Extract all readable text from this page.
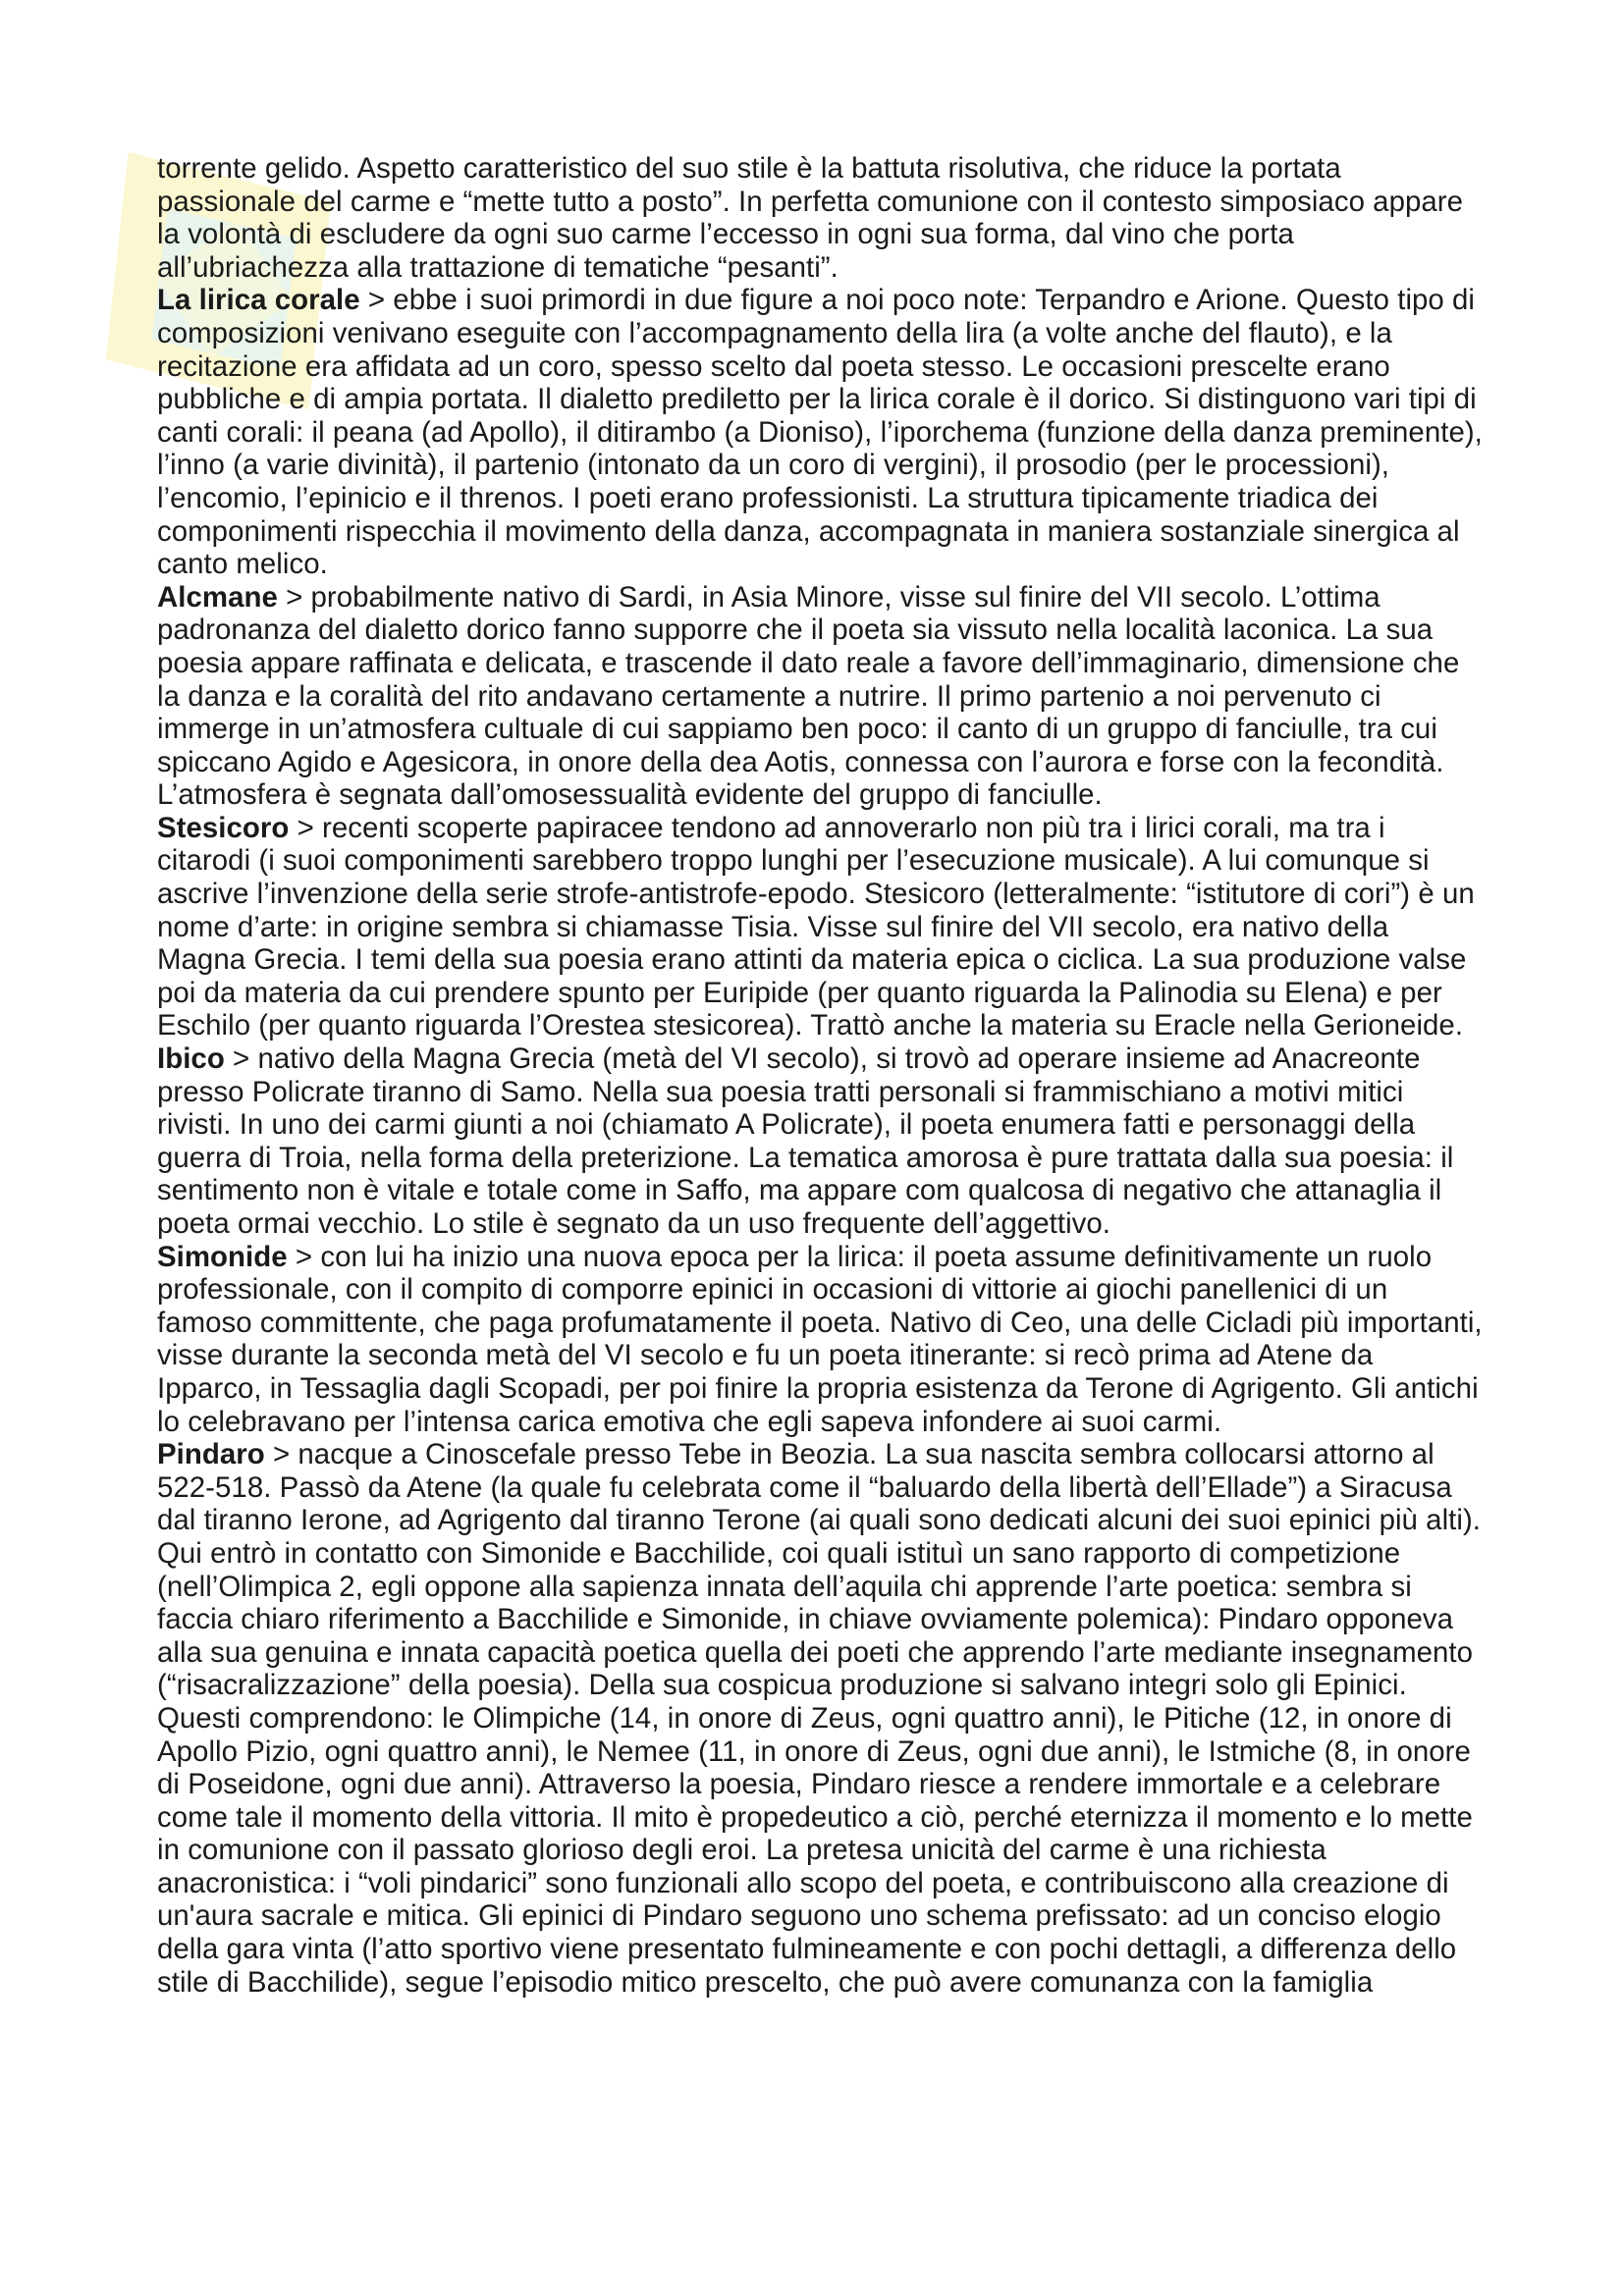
torrente gelido. Aspetto caratteristico del suo stile è la battuta risolutiva, che riduce la portata passionale del carme e “mette tutto a posto”. In perfetta comunione con il contesto simposiaco appare la volontà di escludere da ogni suo carme l’eccesso in ogni sua forma, dal vino che porta all’ubriachezza alla trattazione di tematiche “pesanti”.

La lirica corale > ebbe i suoi primordi in due figure a noi poco note: Terpandro e Arione. Questo tipo di composizioni venivano eseguite con l’accompagnamento della lira (a volte anche del flauto), e la recitazione era affidata ad un coro, spesso scelto dal poeta stesso. Le occasioni prescelte erano pubbliche e di ampia portata. Il dialetto prediletto per la lirica corale è il dorico. Si distinguono vari tipi di canti corali: il peana (ad Apollo), il ditirambo (a Dioniso), l’iporchema (funzione della danza preminente), l’inno (a varie divinità), il partenio (intonato da un coro di vergini), il prosodio (per le processioni), l’encomio, l’epinicio e il threnos. I poeti erano professionisti. La struttura tipicamente triadica dei componimenti rispecchia il movimento della danza, accompagnata in maniera sostanziale sinergica al canto melico.

Alcmane > probabilmente nativo di Sardi, in Asia Minore, visse sul finire del VII secolo. L’ottima padronanza del dialetto dorico fanno supporre che il poeta sia vissuto nella località laconica. La sua poesia appare raffinata e delicata, e trascende il dato reale a favore dell’immaginario, dimensione che la danza e la coralità del rito andavano certamente a nutrire. Il primo partenio a noi pervenuto ci immerge in un’atmosfera cultuale di cui sappiamo ben poco: il canto di un gruppo di fanciulle, tra cui spiccano Agido e Agesicora, in onore della dea Aotis, connessa con l’aurora e forse con la fecondità. L’atmosfera è segnata dall’omosessualità evidente del gruppo di fanciulle.

Stesicoro > recenti scoperte papiracee tendono ad annoverarlo non più tra i lirici corali, ma tra i citarodi (i suoi componimenti sarebbero troppo lunghi per l’esecuzione musicale). A lui comunque si ascrive l’invenzione della serie strofe-antistrofe-epodo. Stesicoro (letteralmente: “istitutore di cori”) è un nome d’arte: in origine sembra si chiamasse Tisia. Visse sul finire del VII secolo, era nativo della Magna Grecia. I temi della sua poesia erano attinti da materia epica o ciclica. La sua produzione valse poi da materia da cui prendere spunto per Euripide (per quanto riguarda la Palinodia su Elena) e per Eschilo (per quanto riguarda l’Orestea stesicorea). Trattò anche la materia su Eracle nella Gerioneide.

Ibico > nativo della Magna Grecia (metà del VI secolo), si trovò ad operare insieme ad Anacreonte presso Policrate tiranno di Samo. Nella sua poesia tratti personali si frammischiano a motivi mitici rivisti. In uno dei carmi giunti a noi (chiamato A Policrate), il poeta enumera fatti e personaggi della guerra di Troia, nella forma della preterizione. La tematica amorosa è pure trattata dalla sua poesia: il sentimento non è vitale e totale come in Saffo, ma appare com qualcosa di negativo che attanaglia il poeta ormai vecchio. Lo stile è segnato da un uso frequente dell’aggettivo.

Simonide > con lui ha inizio una nuova epoca per la lirica: il poeta assume definitivamente un ruolo professionale, con il compito di comporre epinici in occasioni di vittorie ai giochi panellenici di un famoso committente, che paga profumatamente il poeta. Nativo di Ceo, una delle Cicladi più importanti, visse durante la seconda metà del VI secolo e fu un poeta itinerante: si recò prima ad Atene da Ipparco, in Tessaglia dagli Scopadi, per poi finire la propria esistenza da Terone di Agrigento. Gli antichi lo celebravano per l’intensa carica emotiva che egli sapeva infondere ai suoi carmi.

Pindaro > nacque a Cinoscefale presso Tebe in Beozia. La sua nascita sembra collocarsi attorno al 522-518. Passò da Atene (la quale fu celebrata come il “baluardo della libertà dell’Ellade”) a Siracusa dal tiranno Ierone, ad Agrigento dal tiranno Terone (ai quali sono dedicati alcuni dei suoi epinici più alti). Qui entrò in contatto con Simonide e Bacchilide, coi quali istituì un sano rapporto di competizione (nell’Olimpica 2, egli oppone alla sapienza innata dell’aquila chi apprende l’arte poetica: sembra si faccia chiaro riferimento a Bacchilide e Simonide, in chiave ovviamente polemica): Pindaro opponeva alla sua genuina e innata capacità poetica quella dei poeti che apprendo l’arte mediante insegnamento (“risacralizzazione” della poesia). Della sua cospicua produzione si salvano integri solo gli Epinici. Questi comprendono: le Olimpiche (14, in onore di Zeus, ogni quattro anni), le Pitiche (12, in onore di Apollo Pizio, ogni quattro anni), le Nemee (11, in onore di Zeus, ogni due anni), le Istmiche (8, in onore di Poseidone, ogni due anni). Attraverso la poesia, Pindaro riesce a rendere immortale e a celebrare come tale il momento della vittoria. Il mito è propedeutico a ciò, perché eternizza il momento e lo mette in comunione con il passato glorioso degli eroi. La pretesa unicità del carme è una richiesta anacronistica: i “voli pindarici” sono funzionali allo scopo del poeta, e contribuiscono alla creazione di un'aura sacrale e mitica. Gli epinici di Pindaro seguono uno schema prefissato: ad un conciso elogio della gara vinta (l’atto sportivo viene presentato fulmineamente e con pochi dettagli, a differenza dello stile di Bacchilide), segue l’episodio mitico prescelto, che può avere comunanza con la famiglia
